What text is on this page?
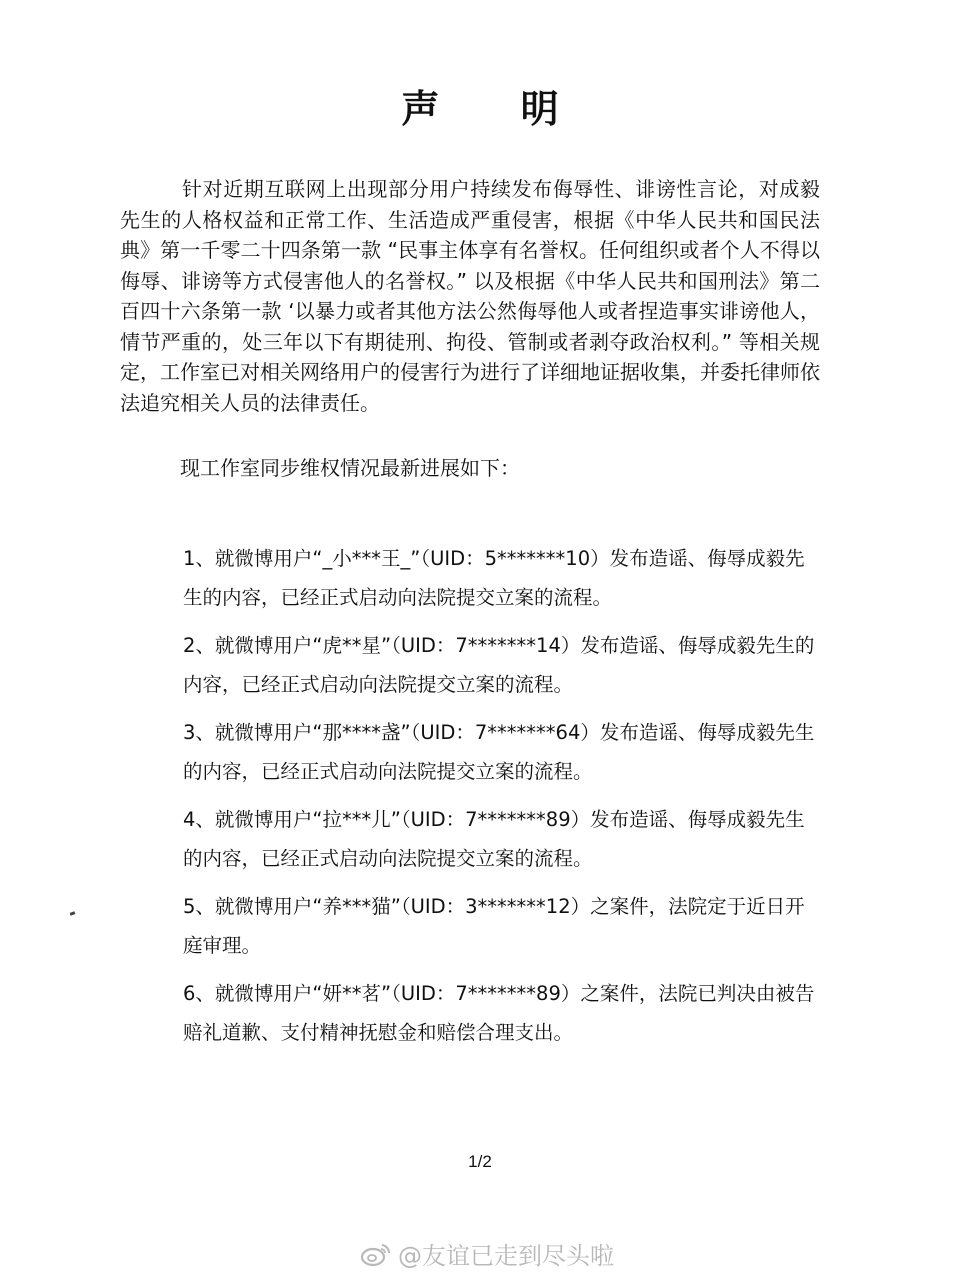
声 明
针对近期互联网上出现部分用户持续发布侮辱性、诽谤性言论，对成毅先生的人格权益和正常工作、生活造成严重侵害，根据《中华人民共和国民法典》第一千零二十四条第一款 “民事主体享有名誉权。任何组织或者个人不得以侮辱、诽谤等方式侵害他人的名誉权。” 以及根据《中华人民共和国刑法》第二百四十六条第一款 ‘以暴力或者其他方法公然侮辱他人或者捏造事实诽谤他人，情节严重的，处三年以下有期徒刑、拘役、管制或者剥夺政治权利。” 等相关规定，工作室已对相关网络用户的侵害行为进行了详细地证据收集，并委托律师依法追究相关人员的法律责任。
现工作室同步维权情况最新进展如下：
1、就微博用户“_小***王_”（UID：5*******10）发布造谣、侮辱成毅先生的内容，已经正式启动向法院提交立案的流程。
2、就微博用户“虎**星”（UID：7*******14）发布造谣、侮辱成毅先生的内容，已经正式启动向法院提交立案的流程。
3、就微博用户“那****盏”（UID：7*******64）发布造谣、侮辱成毅先生的内容，已经正式启动向法院提交立案的流程。
4、就微博用户“拉***儿”（UID：7*******89）发布造谣、侮辱成毅先生的内容，已经正式启动向法院提交立案的流程。
5、就微博用户“养***猫”（UID：3*******12）之案件，法院定于近日开庭审理。
6、就微博用户“妍**茗”（UID：7*******89）之案件，法院已判决由被告赔礼道歉、支付精神抚慰金和赔偿合理支出。
1/2
@友谊已走到尽头啦
